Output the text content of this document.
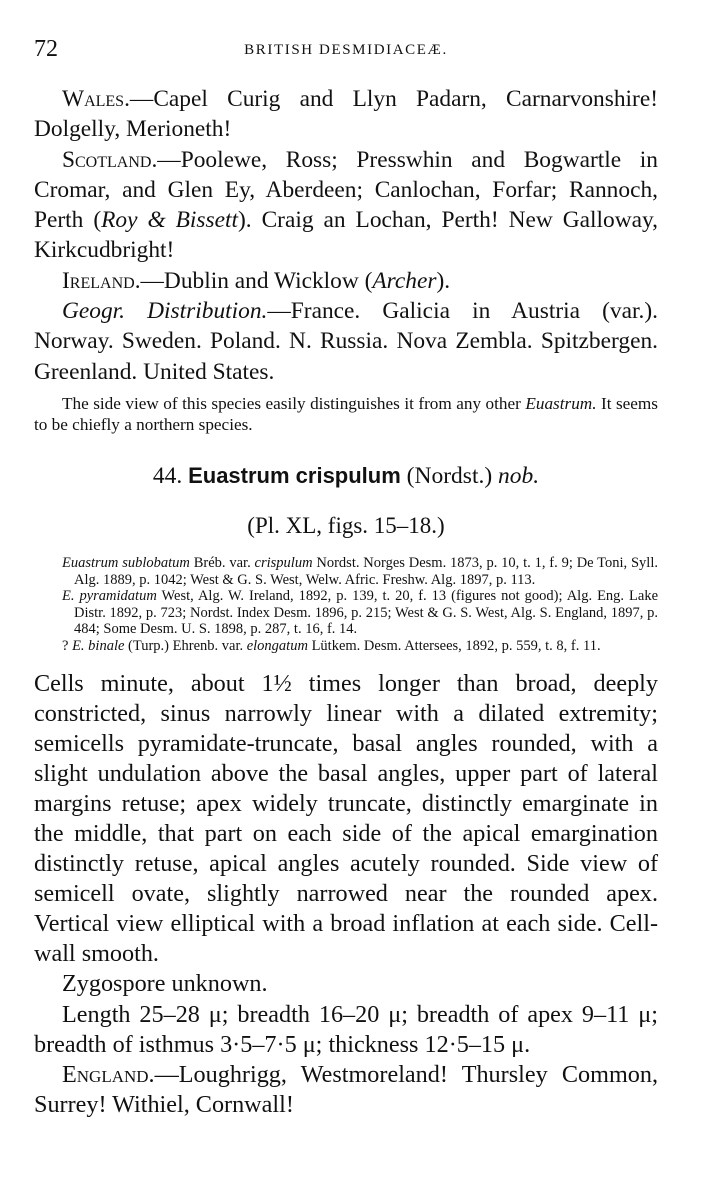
72	BRITISH DESMIDIACEÆ.

Wales.—Capel Curig and Llyn Padarn, Carnarvonshire! Dolgelly, Merioneth!

Scotland.—Poolewe, Ross; Presswhin and Bogwartle in Cromar, and Glen Ey, Aberdeen; Canlochan, Forfar; Rannoch, Perth (Roy & Bissett). Craig an Lochan, Perth! New Galloway, Kirkcudbright!

Ireland.—Dublin and Wicklow (Archer).

Geogr. Distribution.—France. Galicia in Austria (var.). Norway. Sweden. Poland. N. Russia. Nova Zembla. Spitzbergen. Greenland. United States.

The side view of this species easily distinguishes it from any other Euastrum. It seems to be chiefly a northern species.

44. Euastrum crispulum (Nordst.) nob.
(Pl. XL, figs. 15–18.)

Euastrum sublobatum Bréb. var. crispulum Nordst. Norges Desm. 1873, p. 10, t. 1, f. 9; De Toni, Syll. Alg. 1889, p. 1042; West & G. S. West, Welw. Afric. Freshw. Alg. 1897, p. 113.

E. pyramidatum West, Alg. W. Ireland, 1892, p. 139, t. 20, f. 13 (figures not good); Alg. Eng. Lake Distr. 1892, p. 723; Nordst. Index Desm. 1896, p. 215; West & G. S. West, Alg. S. England, 1897, p. 484; Some Desm. U. S. 1898, p. 287, t. 16, f. 14.

? E. binale (Turp.) Ehrenb. var. elongatum Lütkem. Desm. Attersees, 1892, p. 559, t. 8, f. 11.

Cells minute, about 1½ times longer than broad, deeply constricted, sinus narrowly linear with a dilated extremity; semicells pyramidate-truncate, basal angles rounded, with a slight undulation above the basal angles, upper part of lateral margins retuse; apex widely truncate, distinctly emarginate in the middle, that part on each side of the apical emargination distinctly retuse, apical angles acutely rounded. Side view of semicell ovate, slightly narrowed near the rounded apex. Vertical view elliptical with a broad inflation at each side. Cell-wall smooth.

Zygospore unknown.

Length 25–28 μ; breadth 16–20 μ; breadth of apex 9–11 μ; breadth of isthmus 3·5–7·5 μ; thickness 12·5–15 μ.

England.—Loughrigg, Westmoreland! Thursley Common, Surrey! Withiel, Cornwall!
